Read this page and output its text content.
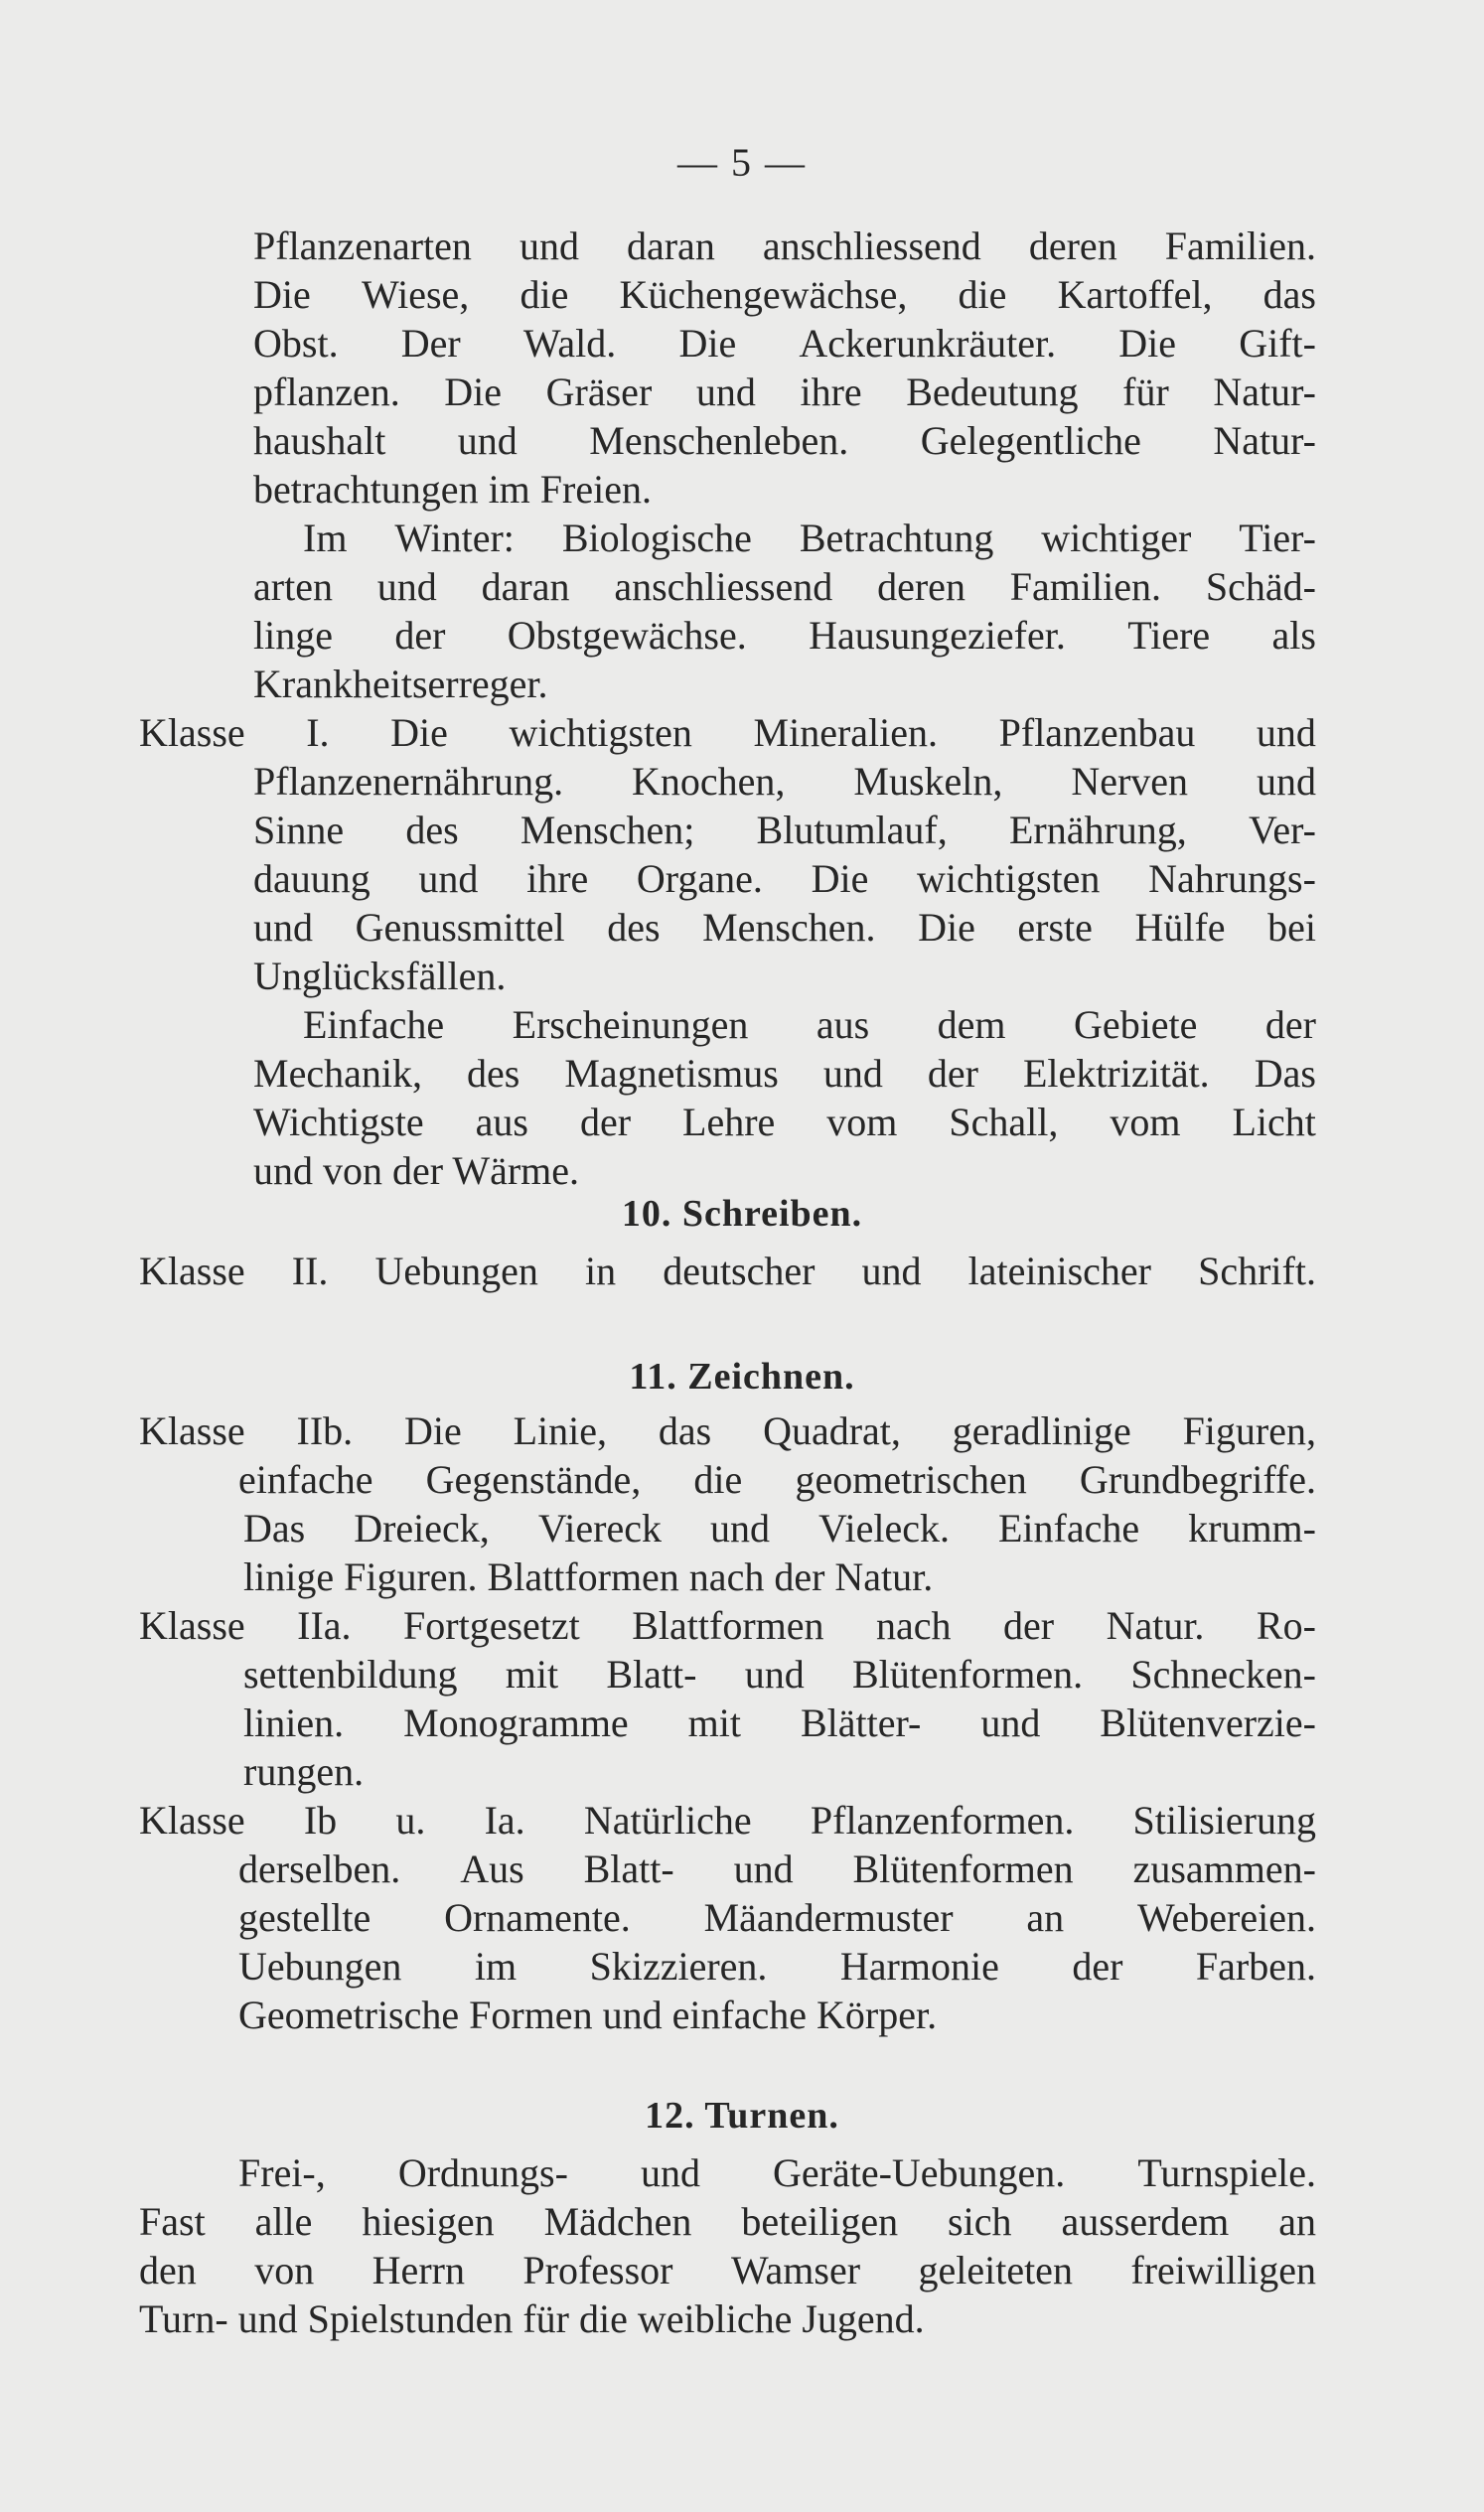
— 5 —
Pflanzenarten und daran anschliessend deren Familien.
Die Wiese, die Küchengewächse, die Kartoffel, das
Obst. Der Wald. Die Ackerunkräuter. Die Gift-
pflanzen. Die Gräser und ihre Bedeutung für Natur-
haushalt und Menschenleben. Gelegentliche Natur-
betrachtungen im Freien.
Im Winter: Biologische Betrachtung wichtiger Tier-
arten und daran anschliessend deren Familien. Schäd-
linge der Obstgewächse. Hausungeziefer. Tiere als
Krankheitserreger.
Klasse I. Die wichtigsten Mineralien. Pflanzenbau und
Pflanzenernährung. Knochen, Muskeln, Nerven und
Sinne des Menschen; Blutumlauf, Ernährung, Ver-
dauung und ihre Organe. Die wichtigsten Nahrungs-
und Genussmittel des Menschen. Die erste Hülfe bei
Unglücksfällen.
Einfache Erscheinungen aus dem Gebiete der
Mechanik, des Magnetismus und der Elektrizität. Das
Wichtigste aus der Lehre vom Schall, vom Licht
und von der Wärme.
10. Schreiben.
Klasse II. Uebungen in deutscher und lateinischer Schrift.
11. Zeichnen.
Klasse IIb. Die Linie, das Quadrat, geradlinige Figuren,
einfache Gegenstände, die geometrischen Grundbegriffe.
Das Dreieck, Viereck und Vieleck. Einfache krumm-
linige Figuren. Blattformen nach der Natur.
Klasse IIa. Fortgesetzt Blattformen nach der Natur. Ro-
settenbildung mit Blatt- und Blütenformen. Schnecken-
linien. Monogramme mit Blätter- und Blütenverzie-
rungen.
Klasse Ib u. Ia. Natürliche Pflanzenformen. Stilisierung
derselben. Aus Blatt- und Blütenformen zusammen-
gestellte Ornamente. Mäandermuster an Webereien.
Uebungen im Skizzieren. Harmonie der Farben.
Geometrische Formen und einfache Körper.
12. Turnen.
Frei-, Ordnungs- und Geräte-Uebungen. Turnspiele.
Fast alle hiesigen Mädchen beteiligen sich ausserdem an
den von Herrn Professor Wamser geleiteten freiwilligen
Turn- und Spielstunden für die weibliche Jugend.
